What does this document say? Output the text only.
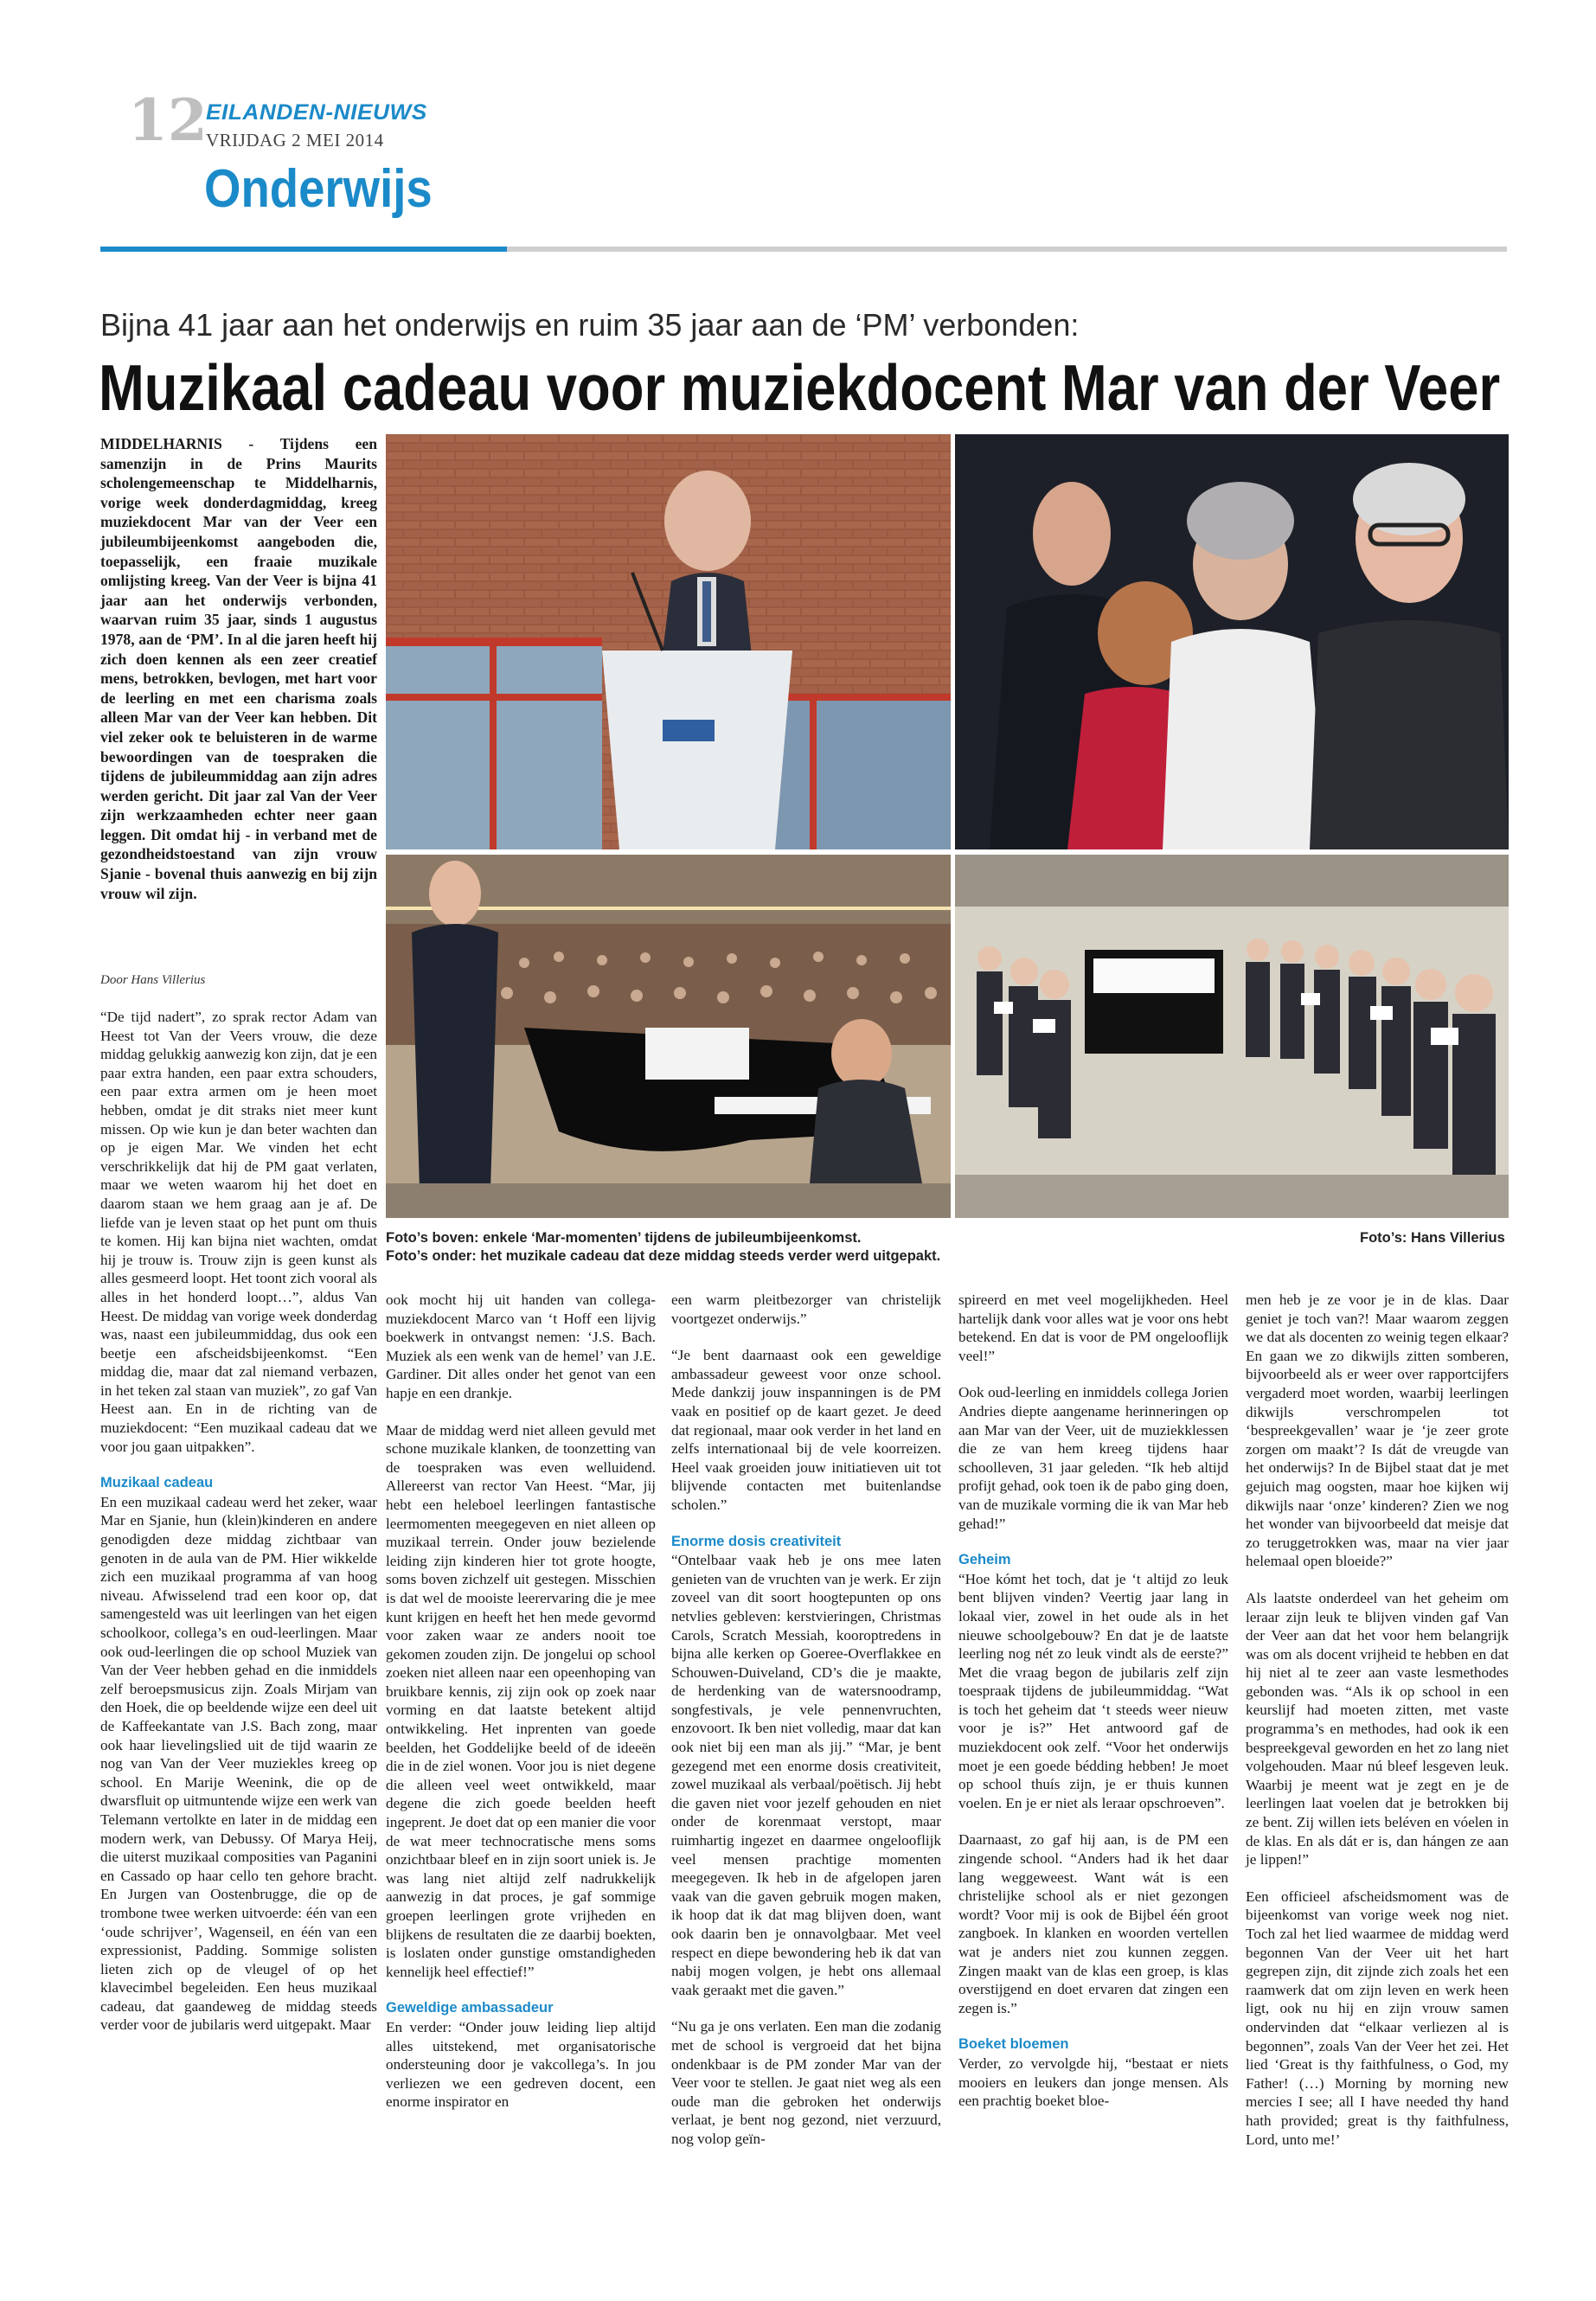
12
EILANDEN-NIEUWS
VRIJDAG 2 MEI 2014
Onderwijs
Bijna 41 jaar aan het onderwijs en ruim 35 jaar aan de ‘PM’ verbonden:
Muzikaal cadeau voor muziekdocent Mar van der Veer
MIDDELHARNIS - Tijdens een samenzijn in de Prins Maurits scholengemeenschap te Middelharnis, vorige week donderdagmiddag, kreeg muziekdocent Mar van der Veer een jubileumbijeenkomst aangeboden die, toepasselijk, een fraaie muzikale omlijsting kreeg. Van der Veer is bijna 41 jaar aan het onderwijs verbonden, waarvan ruim 35 jaar, sinds 1 augustus 1978, aan de ‘PM’. In al die jaren heeft hij zich doen kennen als een zeer creatief mens, betrokken, bevlogen, met hart voor de leerling en met een charisma zoals alleen Mar van der Veer kan hebben. Dit viel zeker ook te beluisteren in de warme bewoordingen van de toespraken die tijdens de jubileummiddag aan zijn adres werden gericht. Dit jaar zal Van der Veer zijn werkzaamheden echter neer gaan leggen. Dit omdat hij - in verband met de gezondheidstoestand van zijn vrouw Sjanie - bovenal thuis aanwezig en bij zijn vrouw wil zijn.
Door Hans Villerius

“De tijd nadert”, zo sprak rector Adam van Heest tot Van der Veers vrouw, die deze middag gelukkig aanwezig kon zijn, dat je een paar extra handen, een paar extra schouders, een paar extra armen om je heen moet hebben, omdat je dit straks niet meer kunt missen. Op wie kun je dan beter wachten dan op je eigen Mar. We vinden het echt verschrikkelijk dat hij de PM gaat verlaten, maar we weten waarom hij het doet en daarom staan we hem graag aan je af. De liefde van je leven staat op het punt om thuis te komen. Hij kan bijna niet wachten, omdat hij je trouw is. Trouw zijn is geen kunst als alles gesmeerd loopt. Het toont zich vooral als alles in het honderd loopt…”, aldus Van Heest. De middag van vorige week donderdag was, naast een jubileummiddag, dus ook een beetje een afscheidsbijeenkomst. “Een middag die, maar dat zal niemand verbazen, in het teken zal staan van muziek”, zo gaf Van Heest aan. En in de richting van de muziekdocent: “Een muzikaal cadeau dat we voor jou gaan uitpakken”.

Muzikaal cadeau

En een muzikaal cadeau werd het zeker, waar Mar en Sjanie, hun (klein)kinderen en andere genodigden deze middag zichtbaar van genoten in de aula van de PM. Hier wikkelde zich een muzikaal programma af van hoog niveau. Afwisselend trad een koor op, dat samengesteld was uit leerlingen van het eigen schoolkoor, collega’s en oud-leerlingen. Maar ook oud-leerlingen die op school Muziek van Van der Veer hebben gehad en die inmiddels zelf beroepsmusicus zijn. Zoals Mirjam van den Hoek, die op beeldende wijze een deel uit de Kaffeekantate van J.S. Bach zong, maar ook haar lievelingslied uit de tijd waarin ze nog van Van der Veer muziekles kreeg op school. En Marije Weenink, die op de dwarsfluit op uitmuntende wijze een werk van Telemann vertolkte en later in de middag een modern werk, van Debussy. Of Marya Heij, die uiterst muzikaal composities van Paganini en Cassado op haar cello ten gehore bracht. En Jurgen van Oostenbrugge, die op de trombone twee werken uitvoerde: één van een ‘oude schrijver’, Wagenseil, en één van een expressionist, Padding. Sommige solisten lieten zich op de vleugel of op het klavecimbel begeleiden. Een heus muzikaal cadeau, dat gaandeweg de middag steeds verder voor de jubilaris werd uitgepakt. Maar

Foto’s boven: enkele ‘Mar-momenten’ tijdens de jubileumbijeenkomst.
Foto’s onder: het muzikale cadeau dat deze middag steeds verder werd uitgepakt.
Foto’s: Hans Villerius

ook mocht hij uit handen van collega-muziekdocent Marco van ‘t Hoff een lijvig boekwerk in ontvangst nemen: ‘J.S. Bach. Muziek als een wenk van de hemel’ van J.E. Gardiner. Dit alles onder het genot van een hapje en een drankje.

Maar de middag werd niet alleen gevuld met schone muzikale klanken, de toonzetting van de toespraken was even welluidend. Allereerst van rector Van Heest. “Mar, jij hebt een heleboel leerlingen fantastische leermomenten meegegeven en niet alleen op muzikaal terrein. Onder jouw bezielende leiding zijn kinderen hier tot grote hoogte, soms boven zichzelf uit gestegen. Misschien is dat wel de mooiste leerervaring die je mee kunt krijgen en heeft het hen mede gevormd voor zaken waar ze anders nooit toe gekomen zouden zijn. De jongelui op school zoeken niet alleen naar een opeenhoping van bruikbare kennis, zij zijn ook op zoek naar vorming en dat laatste betekent altijd ontwikkeling. Het inprenten van goede beelden, het Goddelijke beeld of de ideeën die in de ziel wonen. Voor jou is niet degene die alleen veel weet ontwikkeld, maar degene die zich goede beelden heeft ingeprent. Je doet dat op een manier die voor de wat meer technocratische mens soms onzichtbaar bleef en in zijn soort uniek is. Je was lang niet altijd zelf nadrukkelijk aanwezig in dat proces, je gaf sommige groepen leerlingen grote vrijheden en blijkens de resultaten die ze daarbij boekten, is loslaten onder gunstige omstandigheden kennelijk heel effectief!”

Geweldige ambassadeur

En verder: “Onder jouw leiding liep altijd alles uitstekend, met organisatorische ondersteuning door je vakcollega’s. In jou verliezen we een gedreven docent, een enorme inspirator en

een warm pleitbezorger van christelijk voortgezet onderwijs.”

“Je bent daarnaast ook een geweldige ambassadeur geweest voor onze school. Mede dankzij jouw inspanningen is de PM vaak en positief op de kaart gezet. Je deed dat regionaal, maar ook verder in het land en zelfs internationaal bij de vele koorreizen. Heel vaak groeiden jouw initiatieven uit tot blijvende contacten met buitenlandse scholen.”

Enorme dosis creativiteit

“Ontelbaar vaak heb je ons mee laten genieten van de vruchten van je werk. Er zijn zoveel van dit soort hoogtepunten op ons netvlies gebleven: kerstvieringen, Christmas Carols, Scratch Messiah, kooroptredens in bijna alle kerken op Goeree-Overflakkee en Schouwen-Duiveland, CD’s die je maakte, de herdenking van de watersnoodramp, songfestivals, je vele pennenvruchten, enzovoort. Ik ben niet volledig, maar dat kan ook niet bij een man als jij.” “Mar, je bent gezegend met een enorme dosis creativiteit, zowel muzikaal als verbaal/poëtisch. Jij hebt die gaven niet voor jezelf gehouden en niet onder de korenmaat verstopt, maar ruimhartig ingezet en daarmee ongelooflijk veel mensen prachtige momenten meegegeven. Ik heb in de afgelopen jaren vaak van die gaven gebruik mogen maken, ik hoop dat ik dat mag blijven doen, want ook daarin ben je onnavolgbaar. Met veel respect en diepe bewondering heb ik dat van nabij mogen volgen, je hebt ons allemaal vaak geraakt met die gaven.”

“Nu ga je ons verlaten. Een man die zodanig met de school is vergroeid dat het bijna ondenkbaar is de PM zonder Mar van der Veer voor te stellen. Je gaat niet weg als een oude man die gebroken het onderwijs verlaat, je bent nog gezond, niet verzuurd, nog volop geïn-

spireerd en met veel mogelijkheden. Heel hartelijk dank voor alles wat je voor ons hebt betekend. En dat is voor de PM ongelooflijk veel!”

Ook oud-leerling en inmiddels collega Jorien Andries diepte aangename herinneringen op aan Mar van der Veer, uit de muziekklessen die ze van hem kreeg tijdens haar schoolleven, 31 jaar geleden. “Ik heb altijd profijt gehad, ook toen ik de pabo ging doen, van de muzikale vorming die ik van Mar heb gehad!”

Geheim

“Hoe kómt het toch, dat je ‘t altijd zo leuk bent blijven vinden? Veertig jaar lang in lokaal vier, zowel in het oude als in het nieuwe schoolgebouw? En dat je de laatste leerling nog nét zo leuk vindt als de eerste?” Met die vraag begon de jubilaris zelf zijn toespraak tijdens de jubileummiddag. “Wat is toch het geheim dat ‘t steeds weer nieuw voor je is?” Het antwoord gaf de muziekdocent ook zelf. “Voor het onderwijs moet je een goede bédding hebben! Je moet op school thuís zijn, je er thuis kunnen voelen. En je er niet als leraar opschroeven”.

Daarnaast, zo gaf hij aan, is de PM een zingende school. “Anders had ik het daar lang weggeweest. Want wát is een christelijke school als er niet gezongen wordt? Voor mij is ook de Bijbel één groot zangboek. In klanken en woorden vertellen wat je anders niet zou kunnen zeggen. Zingen maakt van de klas een groep, is klas overstijgend en doet ervaren dat zingen een zegen is.”

Boeket bloemen

Verder, zo vervolgde hij, “bestaat er niets mooiers en leukers dan jonge mensen. Als een prachtig boeket bloe-

men heb je ze voor je in de klas. Daar geniet je toch van?! Maar waarom zeggen we dat als docenten zo weinig tegen elkaar? En gaan we zo dikwijls zitten somberen, bijvoorbeeld als er weer over rapportcijfers vergaderd moet worden, waarbij leerlingen dikwijls verschrompelen tot ‘bespreekgevallen’ waar je ‘je zeer grote zorgen om maakt’? Is dát de vreugde van het onderwijs? In de Bijbel staat dat je met gejuich mag oogsten, maar hoe kijken wij dikwijls naar ‘onze’ kinderen? Zien we nog het wonder van bijvoorbeeld dat meisje dat zo teruggetrokken was, maar na vier jaar helemaal open bloeide?”

Als laatste onderdeel van het geheim om leraar zijn leuk te blijven vinden gaf Van der Veer aan dat het voor hem belangrijk was om als docent vrijheid te hebben en dat hij niet al te zeer aan vaste lesmethodes gebonden was. “Als ik op school in een keurslijf had moeten zitten, met vaste programma’s en methodes, had ook ik een bespreekgeval geworden en het zo lang niet volgehouden. Maar nú bleef lesgeven leuk. Waarbij je meent wat je zegt en je de leerlingen laat voelen dat je betrokken bij ze bent. Zij willen iets beléven en vóelen in de klas. En als dát er is, dan hángen ze aan je lippen!”

Een officieel afscheidsmoment was de bijeenkomst van vorige week nog niet. Toch zal het lied waarmee de middag werd begonnen Van der Veer uit het hart gegrepen zijn, dit zijnde zich zoals het een raamwerk dat om zijn leven en werk heen ligt, ook nu hij en zijn vrouw samen ondervinden dat “elkaar verliezen al is begonnen”, zoals Van der Veer het zei. Het lied ‘Great is thy faithfulness, o God, my Father! (…) Morning by morning new mercies I see; all I have needed thy hand hath provided; great is thy faithfulness, Lord, unto me!’
